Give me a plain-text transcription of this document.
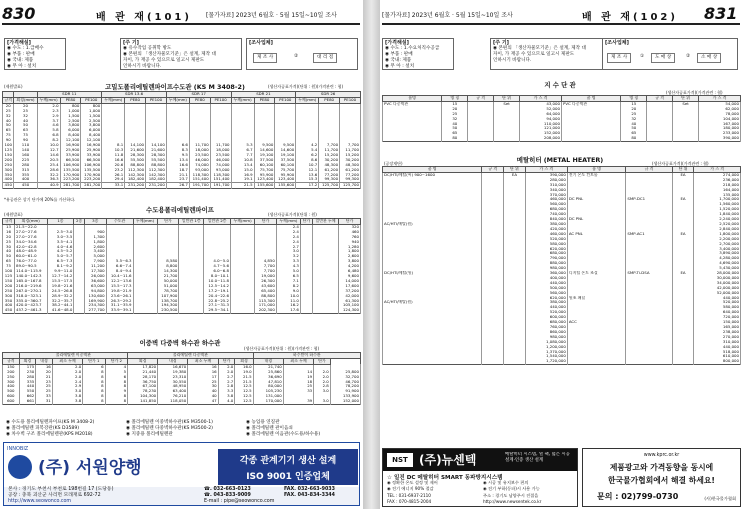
830	배 관 재(101) [물가자료] 2023년 6월호 · 5월 15일~10일 조사
[가격해설]
◉ 수도 : 1.급배수
◉ 부품 : 판매
◉ 국내: 제품
◉ 무 아 : 설치
[주 기]
◉ 유수작업 공취학 방도
◉ 본편의 「생산자물모기준」은 설계, 제작 대
자이, 가 재공 수 있으므로 일고시 제판도
인하시기 바랍니다.
[조사업체]
제 조 사	②	대 리 점
(제원발표)	고밀도폴리에틸렌파이프수도관 (KS M 3408-2)	(생산자공표가격)(단위 : 원)(가격관련 : 협)
		SDR 11			SDR 13.6			SDR 17			SDR 21			SDR 26		
규격	외경(mm)	두께(mm)	PE80	PE100	두께(mm)	PE80	PE100	두께(mm)	PE80	PE100	두께(mm)	PE80	PE100	두께(mm)	PE80	PE100
20	20	2.0	800	800												
25	25	2.3	1,000	1,000												
32	32	2.9	1,500	1,500												
40	40	3.7	2,500	2,500												
50	50	4.6	3,800	3,800												
65	63	5.8	6,000	6,000												
75	75	6.8	8,400	8,400												
90	90	8.2	12,100	12,100												
100	110	10.0	16,900	16,900	8.1	14,100	14,100	6.6	11,700	11,700	5.3	9,500	9,500	4.2	7,700	7,700
125	140	12.7	25,900	25,900	10.3	21,600	21,600	8.3	18,000	18,000	6.7	14,600	14,600	5.4	11,700	11,700
150	160	14.6	33,900	33,900	11.8	28,300	28,300	9.5	23,500	23,500	7.7	19,100	19,100	6.2	15,200	15,200
200	225	20.5	66,500	66,500	16.6	55,500	55,500	13.4	46,000	46,000	10.8	37,500	37,500	8.6	30,200	30,200
250	280	25.4	106,900	106,900	20.6	88,800	88,800	16.6	74,000	74,000	13.4	60,100	60,100	10.7	48,300	48,300
300	315	28.6	135,500	135,500	23.2	112,300	112,300	18.7	93,000	93,000	15.0	75,700	75,700	12.1	61,200	61,200
350	355	32.2	170,900	170,900	26.1	142,300	142,300	21.1	118,300	118,300	16.9	95,900	95,900	13.6	77,200	77,200
400	400	36.3	223,200	223,200	29.4	182,400	182,400	23.7	151,400	151,400	19.1	123,400	123,400	15.3	99,300	99,300
450	450	40.9	281,700	281,700	33.1	231,200	231,200	26.7	191,700	191,700	21.5	155,600	155,600	17.2	125,700	125,700
*유공관은 상기 단가에 20%를 가산하다.
(제원발표)
수도용폴리에틸렌파이프
(생산자공표가격)(단위 : 원)
규격	외경(mm)	1종	2종	3종	수도관	두께(mm)	단가	일반관 1층	일반관 2층	두께(mm)	단가	두께(mm)	단가	일반관 두께	단가
13	21.5~22.0											2.4			320
16	27.0~27.6	2.5~3.0		900								2.4			460
20	27.0~27.6	3.0~3.5		1,300								2.4			760
25	34.0~34.6	3.5~4.1		1,800								2.4			940
30	42.0~42.8	4.0~4.6		2,600								2.7			1,280
40	48.0~48.9	4.5~5.2		3,400								3.0			1,800
50	60.0~61.0	5.0~5.7		5,000								3.2			2,600
65	76.0~77.0	6.5~7.3		7,900	5.5~6.3		8,580		4.0~5.0		4,850	3.3			3,800
75	89.0~90.5	8.1~9.2		11,200	6.6~7.4		8,800		4.7~5.6		7,700	4.3			4,200
100	114.0~115.9	9.9~11.0		17,300	8.4~9.4		14,300		6.0~6.8		7,700	5.0			6,480
125	140.0~142.3	12.7~14.2		26,000	10.4~11.6		21,700		8.0~10.1		19,000	6.5			9,600
150	165.0~167.8	15.5~17.5		36,600	12.2~13.6		50,000		10.0~11.8		26,300	7.1			14,000
200	216.0~219.6	19.8~21.6		63,000	15.5~17.3		51,000		12.5~14.2		43,600	8.2			17,600
250	267.0~270.1	24.5~26.8		94,800	19.8~21.9		78,700		17.2~19.1		65,400	9.0			37,200
300	318.0~323.1	28.9~32.2		130,600	23.6~26.1		107,900		20.4~22.6		88,800	10.0			42,000
350	355.0~360.7	32.2~35.7		169,900	26.3~29.2		138,700		22.8~25.2		115,300	11.0			61,300
400	420.0~423.7	38.2~44.1		234,300	31.1~35.9		194,300		27.1~31.3		171,000	16.2			105,100
450	457.2~461.3	41.6~48.0		277,700	33.9~39.1		230,500		29.5~34.1		202,300	17.6			124,300
이중벽 다중벽 하수관 하수관
(생산자공표가격)(단위 : 원)(가격관련 : 협)
	폴리에틸렌 이중벽관					폴리에틸렌 다중벽관					하수받이 하수관			
규격	외경	내경	최소 두께	단가 1	단가 2	외경	내경	최소 두께	단가	외경	내경	최소 두께	단가	
150	175	16	2.0	6	4	17,820	16,670	16	2.0	16.0	21,740			
200	230	20	2.0	8	5	21,440	19,380	16	2.0	19.0	25,860	14	2.0	25,800
250	280	21	2.0	8	6	28,170	23,310	17	2.7	21.5	36,690	19	2.0	32,700
300	335	23	2.4	8	8	36,750	30,550	25	2.7	21.5	47,810	18	2.0	46,700
400	440	25	2.9	8	8	67,100	48,950	30	2.8	12.5	80,000	25	2.8	78,200
500	550	25	3.0	8	9	78,230	63,400	40	3.3	12.5	105,230	33	3.0	91,900
600	662	33	3.8	8	8	104,300	76,210	40	3.8	12.5	131,000			133,900
600	661	31	3.8	8	8	141,850	118,050	47	4.0	12.5	170,000	39	3.0	152,000
◉ 수도용 폴리에틸렌파이프(KS M 3408-2)
◉ 폴리에틸렌 피복강관(KS D3589)
◉ 차수벽 구조 폴리에틸렌관(KPS M2018)
◉ 폴리에틸렌 이중벽하수관(KS M3500-1)
◉ 폴리에틸렌 다중벽하수관(KS M3500-2)
◉ 지중용 폴리에틸렌관
◉ 농업용 연질관
◉ 폴리에틸렌 관이음쇠
◉ 폴리에틸렌 이음관(수도용/하수용)
INNOBIZ
(주) 서원양행	각종 관계기기 생산 설계
ISO 9001 인증업체
본사 : 경기도 부천시 부천로 198번길 17 (도당동)
공장 : 충북 괴산군 사리면 모래재로 692-72
http://www.seowonco.com
☎. 032-663-0123	FAX. 032-663-9033
☎. 043-833-9009	FAX. 043-834-3344
E-mail : pipe@seowonco.com
[물가자료] 2023년 6월호 · 5월 15일~10일 조사	배 관 재(102) 831
[가격해설]
◉ 수도 : 1.수요처직수공급
◉ 부품 : 판매
◉ 국내: 제품
◉ 무 아 : 설치
[주 기]
◉ 본편의 「생산자물모기준」은 설계, 제작 대
자이, 가 재공 수 있으므로 일고시 제판도
인하시기 바랍니다.
[조사업체]
제 조 사	①	도 매 상	②	소 매 상
지 수 단 관
(생산자공표가격)(가격관련 : 협)
품명	명 칭	규 격	단 위	가 스 격	품 명	명 칭	규 격	단 위	가 스 격
PVC 다중벽관	15		Set	43,000	PVC 다중벽관	15		Set	54,000
	20			52,000		20			62,000
	25			64,000		25			78,000
	32			94,000		32			104,000
	40			110,000		40			167,000
	50			121,000		50			180,000
	65			152,000		65			233,000
	80			208,000		80			390,000
(공장재단)	메탈히터 (METAL HEATER)	(생산자공표가격)(가격관련 : 협)
품 명	규 격	단 위	가 스 격	품 명	규 격	단 위	가 스 격
DC/HTI/메탈(씨) 900~1600		EA	390,000	전기 온도 컨트롤		EA	274,000
			280,000				236,000
			310,000				218,000
			340,000				164,000
			370,000				135,000
			460,000	DC PNL	SMP-DC1	EA	1,700,000
			560,000				1,560,000
			680,000				1,520,000
			740,000				1,840,000
			840,000	DC PNL			2,240,000
AC/HTI/메탈(원)			380,000				2,520,000
			420,000				2,840,000
			460,000	AC PNL	SMP-AC1	EA	1,800,000
			520,000				2,200,000
			580,000				2,700,000
			620,000				3,400,000
			680,000				3,890,000
			790,000				4,280,000
			880,000				4,690,000
			980,000				5,430,000
DC/HTI/메탈(원)			360,000	디지털 온도 조절	SMP-Ti-DSA	EA	28,000,000
			400,000				30,000,000
			440,000				34,000,000
			500,000				42,000,000
			560,000				52,000,000
			620,000	원조 패널			440,000
AC/HTI/메탈(원)			380,000				520,000
			440,000				580,000
			520,000				640,000
			600,000				720,000
			680,000	ACC			150,000
			760,000				165,000
			860,000				238,000
			980,000				270,000
			1,080,000				310,000
			1,200,000				440,000
			1,370,000				518,000
			1,540,000				610,000
			1,720,000				800,000
NST (주)뉴센텍	메탈히터 시스템, 열 팩, 넓은 시공
설계·인증 생산 설계
☆ 일진 DC 메탈히터 SMART 동파방지시스템
◉ 정확한 온도 설정 및 제어	◉ 시공 및 유지보수 편의
◉ 전기 에너지 90% 절감	◉ 전기 부하(동파)시 사용 가능
TEL : 031-6937-2110	주소 : 경기도 남양주시 진접읍
FAX : 070-4815-2004	http://www.newsentek.co.kr
www.kprc.or.kr
제품광고와 가격동향을 동시에
한국물가협회에서 해결 하세요!
문의 : 02)799-0730	(사)한국물가협회
